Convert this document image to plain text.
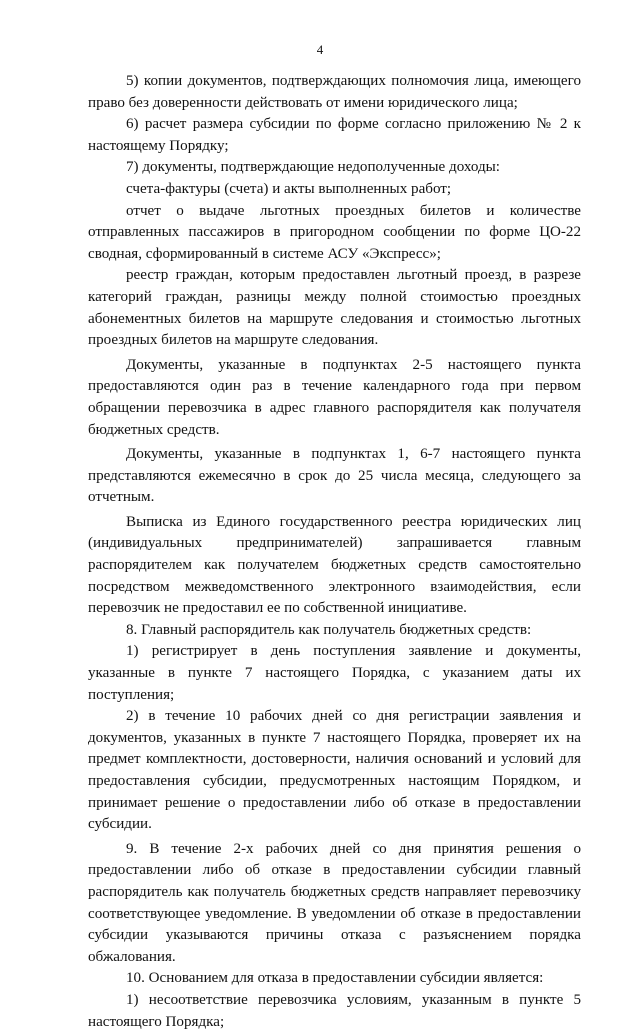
4

5) копии документов, подтверждающих полномочия лица, имеющего право без доверенности действовать от имени юридического лица;

6) расчет размера субсидии по форме согласно приложению № 2 к настоящему Порядку;

7) документы, подтверждающие недополученные доходы:

счета-фактуры (счета) и акты выполненных работ;

отчет о выдаче льготных проездных билетов и количестве отправленных пассажиров в пригородном сообщении по форме ЦО-22 сводная, сформированный в системе АСУ «Экспресс»;

реестр граждан, которым предоставлен льготный проезд, в разрезе категорий граждан, разницы между полной стоимостью проездных абонементных билетов на маршруте следования и стоимостью льготных проездных билетов на маршруте следования.

Документы, указанные в подпунктах 2-5 настоящего пункта предоставляются один раз в течение календарного года при первом обращении перевозчика в адрес главного распорядителя как получателя бюджетных средств.

Документы, указанные в подпунктах 1, 6-7 настоящего пункта представляются ежемесячно в срок до 25 числа месяца, следующего за отчетным.

Выписка из Единого государственного реестра юридических лиц (индивидуальных предпринимателей) запрашивается главным распорядителем как получателем бюджетных средств самостоятельно посредством межведомственного электронного взаимодействия, если перевозчик не предоставил ее по собственной инициативе.

8. Главный распорядитель как получатель бюджетных средств:

1) регистрирует в день поступления заявление и документы, указанные в пункте 7 настоящего Порядка, с указанием даты их поступления;

2) в течение 10 рабочих дней со дня регистрации заявления и документов, указанных в пункте 7 настоящего Порядка, проверяет их на предмет комплектности, достоверности, наличия оснований и условий для предоставления субсидии, предусмотренных настоящим Порядком, и принимает решение о предоставлении либо об отказе в предоставлении субсидии.

9. В течение 2-х рабочих дней со дня принятия решения о предоставлении либо об отказе в предоставлении субсидии главный распорядитель как получатель бюджетных средств направляет перевозчику соответствующее уведомление. В уведомлении об отказе в предоставлении субсидии указываются причины отказа с разъяснением порядка обжалования.

10. Основанием для отказа в предоставлении субсидии является:

1) несоответствие перевозчика условиям, указанным в пункте 5 настоящего Порядка;
